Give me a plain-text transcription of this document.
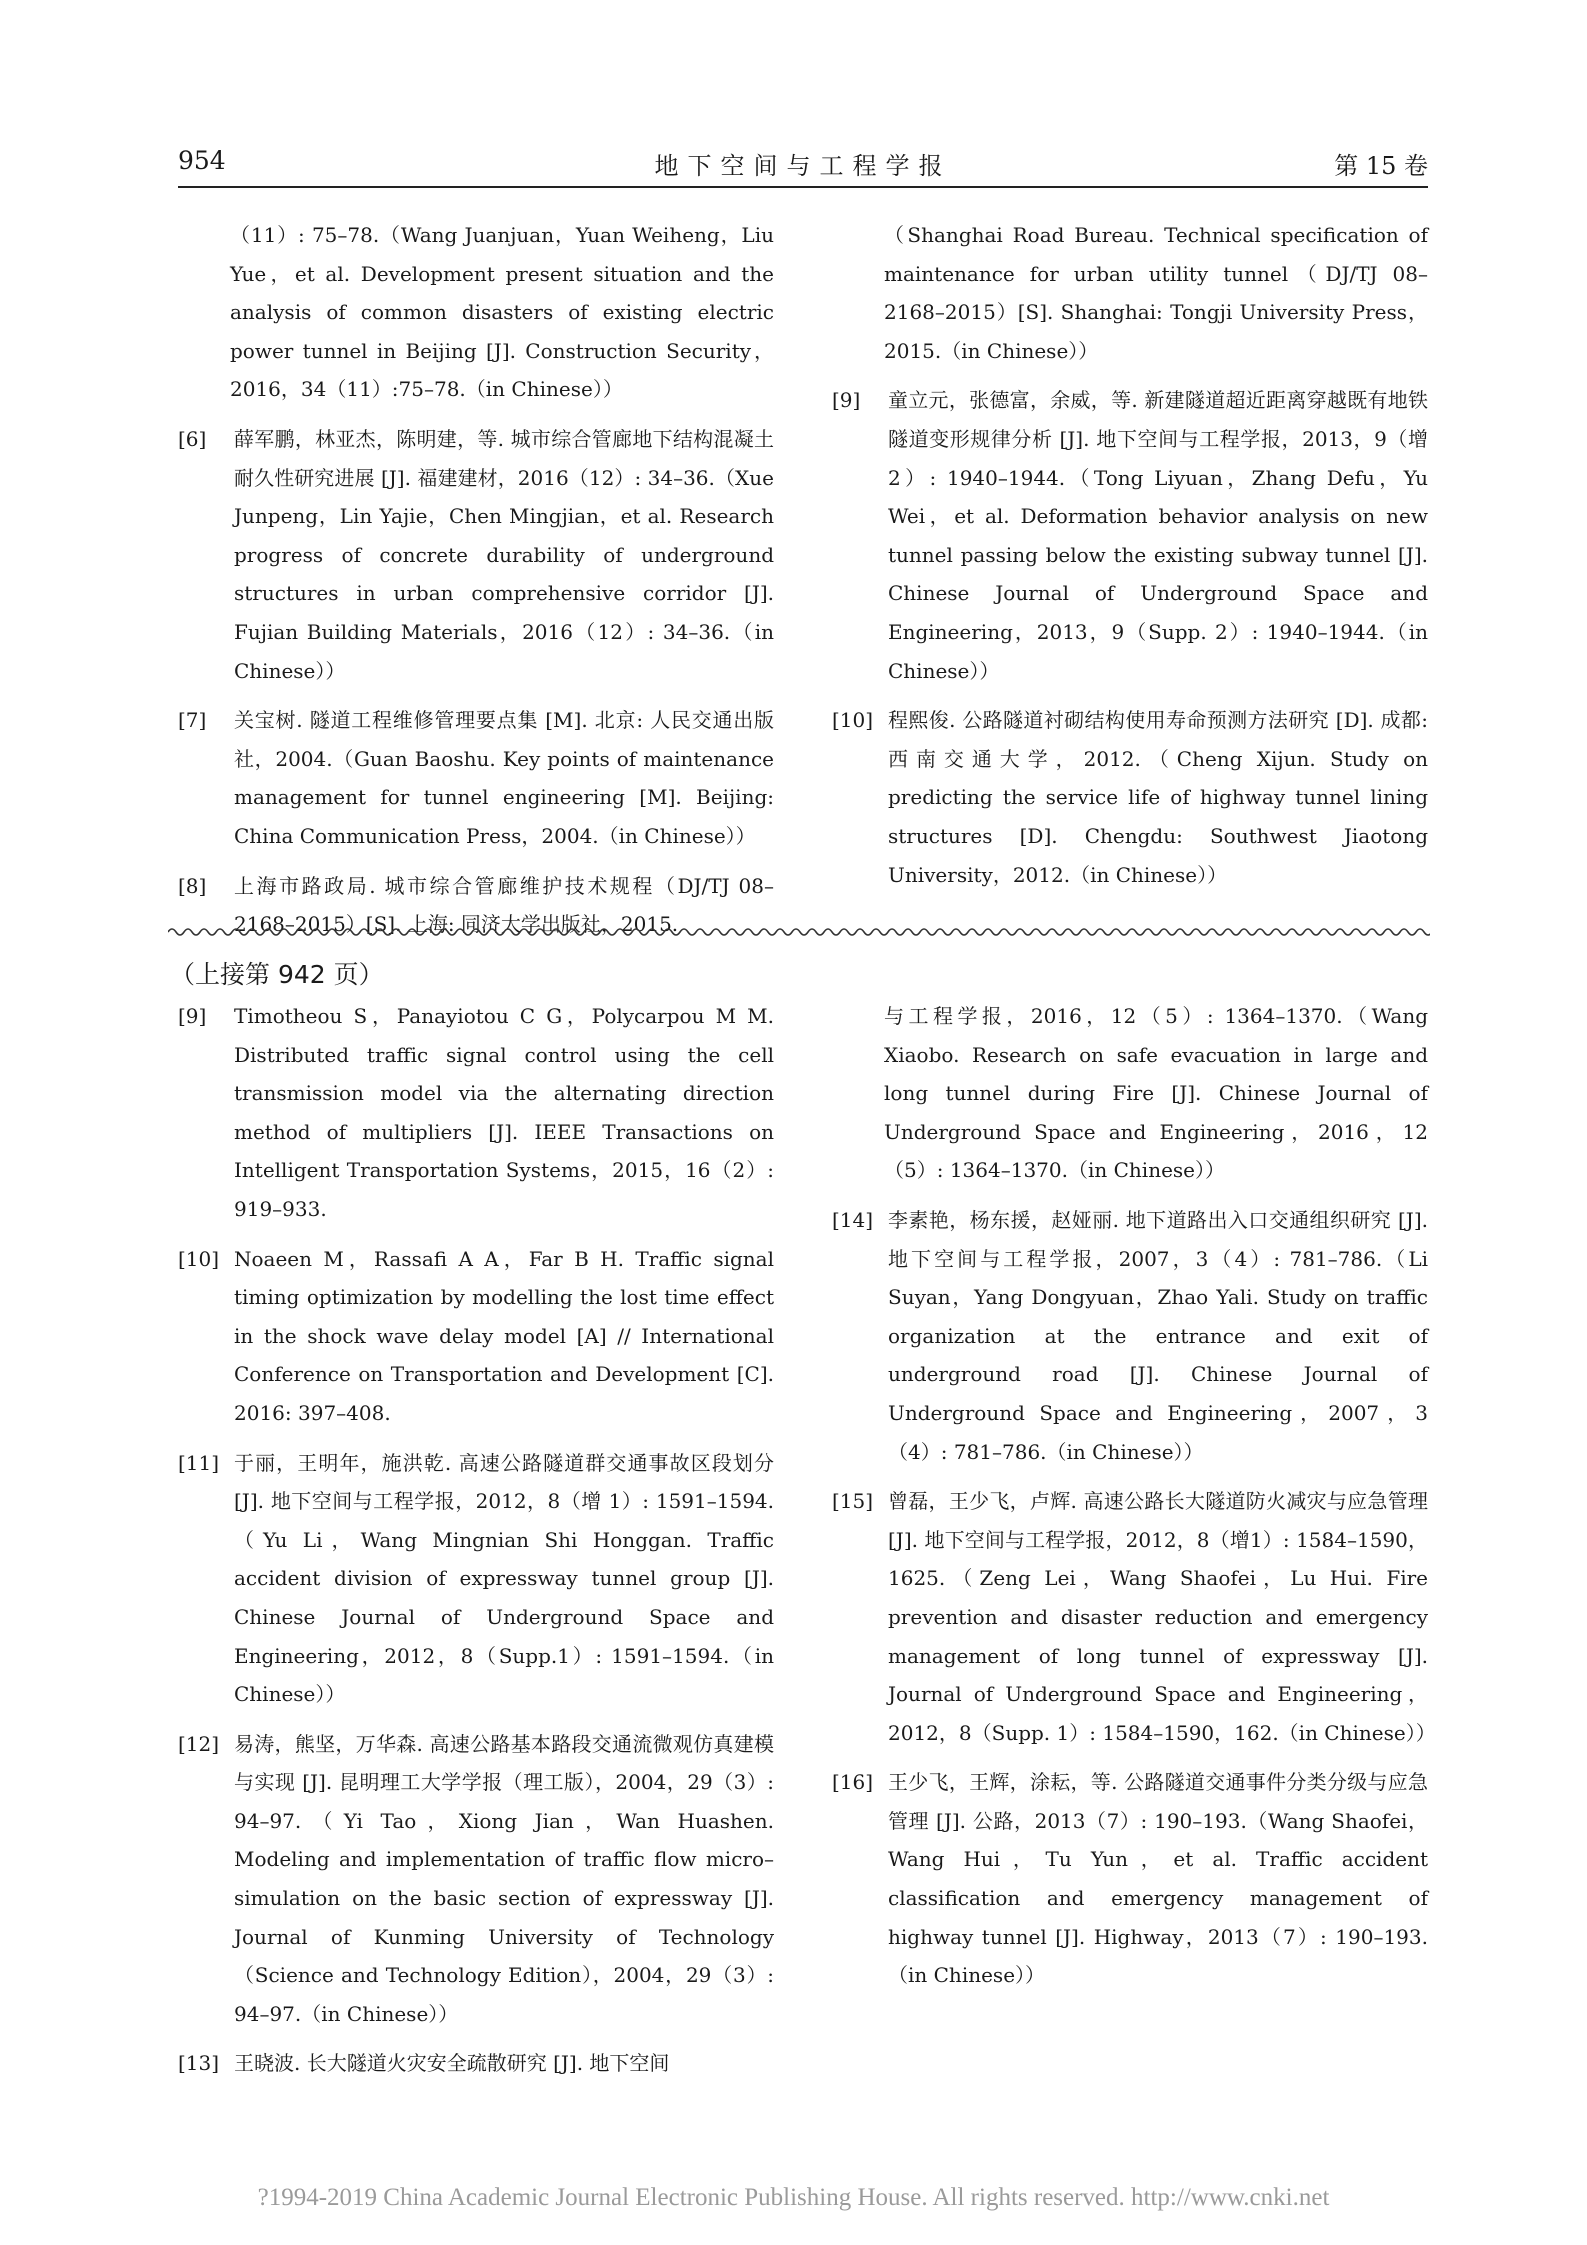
954	地下空间与工程学报	第 15 卷
（11）: 75–78.（Wang Juanjuan，Yuan Weiheng，Liu Yue，et al. Development present situation and the analysis of common disasters of existing electric power tunnel in Beijing [J]. Construction Security，2016，34（11）:75–78.（in Chinese））
[6]	薛军鹏，林亚杰，陈明建，等. 城市综合管廊地下结构混凝土耐久性研究进展 [J]. 福建建材，2016（12）: 34–36.（Xue Junpeng，Lin Yajie，Chen Mingjian，et al. Research progress of concrete durability of underground structures in urban comprehensive corridor [J]. Fujian Building Materials，2016（12）: 34–36.（in Chinese））
[7]	关宝树. 隧道工程维修管理要点集 [M]. 北京: 人民交通出版社，2004.（Guan Baoshu. Key points of maintenance management for tunnel engineering [M]. Beijing: China Communication Press，2004.（in Chinese））
[8]	上海市路政局. 城市综合管廊维护技术规程（DJ/TJ 08–2168–2015）[S]. 上海: 同济大学出版社，2015.
（Shanghai Road Bureau. Technical specification of maintenance for urban utility tunnel（DJ/TJ 08–2168–2015）[S]. Shanghai: Tongji University Press，2015.（in Chinese））
[9]	童立元，张德富，余威，等. 新建隧道超近距离穿越既有地铁隧道变形规律分析 [J]. 地下空间与工程学报，2013，9（增 2）: 1940–1944.（Tong Liyuan，Zhang Defu，Yu Wei，et al. Deformation behavior analysis on new tunnel passing below the existing subway tunnel [J]. Chinese Journal of Underground Space and Engineering，2013，9（Supp. 2）: 1940–1944.（in Chinese））
[10] 程熙俊. 公路隧道衬砌结构使用寿命预测方法研究 [D]. 成都: 西南交通大学，2012.（Cheng Xijun. Study on predicting the service life of highway tunnel lining structures [D]. Chengdu: Southwest Jiaotong University，2012.（in Chinese））
（上接第 942 页）
[9]	Timotheou S，Panayiotou C G，Polycarpou M M. Distributed traffic signal control using the cell transmission model via the alternating direction method of multipliers [J]. IEEE Transactions on Intelligent Transportation Systems，2015，16（2）: 919–933.
[10] Noaeen M，Rassafi A A，Far B H. Traffic signal timing optimization by modelling the lost time effect in the shock wave delay model [A] // International Conference on Transportation and Development [C]. 2016: 397–408.
[11] 于丽，王明年，施洪乾. 高速公路隧道群交通事故区段划分 [J]. 地下空间与工程学报，2012，8（增 1）: 1591–1594.（Yu Li，Wang Mingnian Shi Honggan. Traffic accident division of expressway tunnel group [J]. Chinese Journal of Underground Space and Engineering，2012，8（Supp.1）: 1591–1594.（in Chinese））
[12] 易涛，熊坚，万华森. 高速公路基本路段交通流微观仿真建模与实现 [J]. 昆明理工大学学报（理工版），2004，29（3）: 94–97.（Yi Tao，Xiong Jian，Wan Huashen. Modeling and implementation of traffic flow micro–simulation on the basic section of expressway [J]. Journal of Kunming University of Technology（Science and Technology Edition），2004，29（3）: 94–97.（in Chinese））
[13] 王晓波. 长大隧道火灾安全疏散研究 [J]. 地下空间
与工程学报，2016，12（5）: 1364–1370.（Wang Xiaobo. Research on safe evacuation in large and long tunnel during Fire [J]. Chinese Journal of Underground Space and Engineering，2016，12（5）: 1364–1370.（in Chinese））
[14] 李素艳，杨东援，赵娅丽. 地下道路出入口交通组织研究 [J]. 地下空间与工程学报，2007，3（4）: 781–786.（Li Suyan，Yang Dongyuan，Zhao Yali. Study on traffic organization at the entrance and exit of underground road [J]. Chinese Journal of Underground Space and Engineering，2007，3（4）: 781–786.（in Chinese））
[15] 曾磊，王少飞，卢辉. 高速公路长大隧道防火减灾与应急管理 [J]. 地下空间与工程学报，2012，8（增1）: 1584–1590，1625.（Zeng Lei，Wang Shaofei，Lu Hui. Fire prevention and disaster reduction and emergency management of long tunnel of expressway [J]. Journal of Underground Space and Engineering，2012，8（Supp. 1）: 1584–1590，162.（in Chinese））
[16] 王少飞，王辉，涂耘，等. 公路隧道交通事件分类分级与应急管理 [J]. 公路，2013（7）: 190–193.（Wang Shaofei，Wang Hui，Tu Yun，et al. Traffic accident classification and emergency management of highway tunnel [J]. Highway，2013（7）: 190–193.（in Chinese））
?1994-2019 China Academic Journal Electronic Publishing House. All rights reserved. http://www.cnki.net
